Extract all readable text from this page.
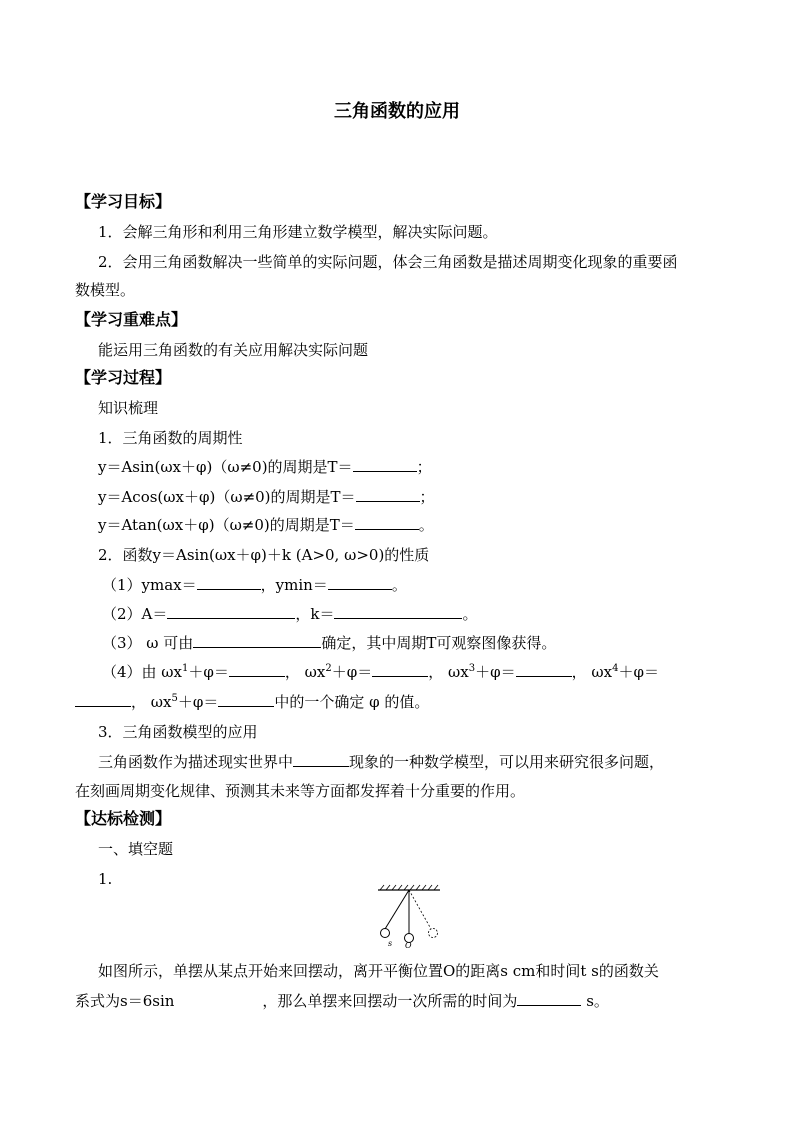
三角函数的应用
【学习目标】
1．会解三角形和利用三角形建立数学模型，解决实际问题。
2．会用三角函数解决一些简单的实际问题，体会三角函数是描述周期变化现象的重要函
数模型。
【学习重难点】
能运用三角函数的有关应用解决实际问题
【学习过程】
知识梳理
1．三角函数的周期性
y＝Asin(ωx＋φ)（ω≠0)的周期是T＝	；
y＝Acos(ωx＋φ)（ω≠0)的周期是T＝	；
y＝Atan(ωx＋φ)（ω≠0)的周期是T＝	。
2．函数y＝Asin(ωx＋φ)＋k (A>0, ω>0)的性质
（1）ymax＝	，ymin＝	。
（2）A＝	，k＝	。
（3） ω 可由	确定，其中周期T可观察图像获得。
（4）由 $\omega x^1+\varphi=$	， $\omega x^2+\varphi=$	， $\omega x^3+\varphi=$	， $\omega x^4+\varphi=$
， $\omega x^5+\varphi=$	中的一个确定 φ 的值。
3．三角函数模型的应用
三角函数作为描述现实世界中	现象的一种数学模型，可以用来研究很多问题，
在刻画周期变化规律、预测其未来等方面都发挥着十分重要的作用。
【达标检测】
一、填空题
1.
s O
如图所示，单摆从某点开始来回摆动，离开平衡位置O的距离s cm和时间t s的函数关
系式为s＝6sin	，那么单摆来回摆动一次所需的时间为	s。
